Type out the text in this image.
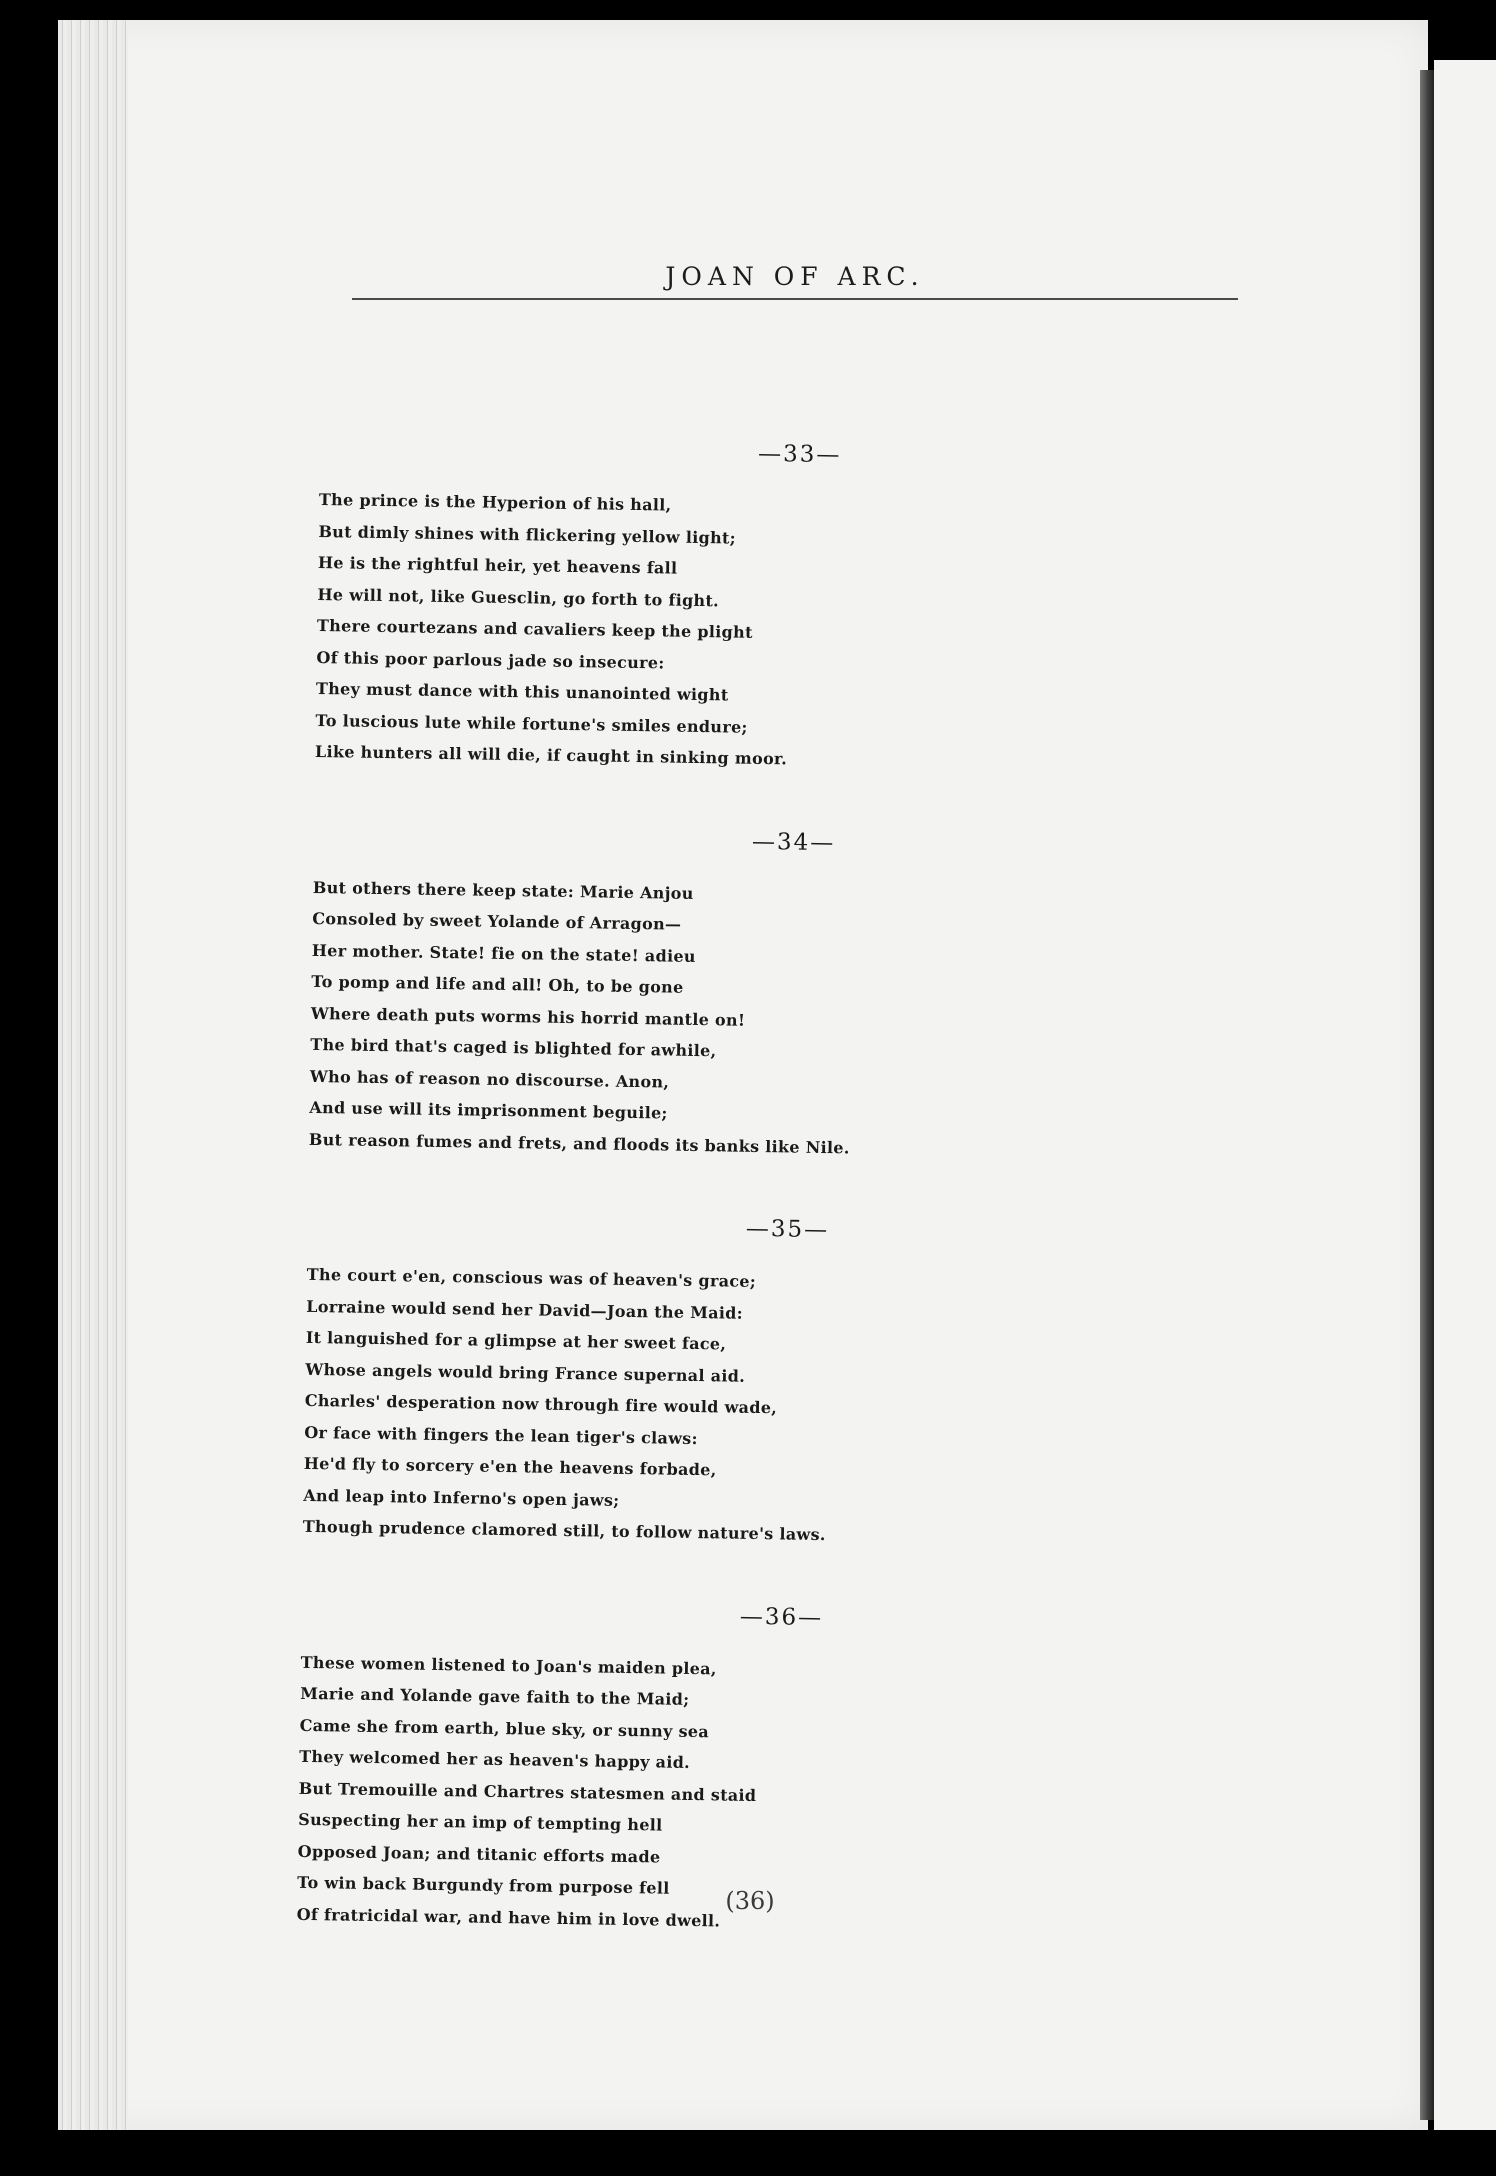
JOAN OF ARC.
—33—
The prince is the Hyperion of his hall,
But dimly shines with flickering yellow light;
He is the rightful heir, yet heavens fall
He will not, like Guesclin, go forth to fight.
There courtezans and cavaliers keep the plight
Of this poor parlous jade so insecure:
They must dance with this unanointed wight
To luscious lute while fortune's smiles endure;
Like hunters all will die, if caught in sinking moor.
—34—
But others there keep state: Marie Anjou
Consoled by sweet Yolande of Arragon—
Her mother. State! fie on the state! adieu
To pomp and life and all! Oh, to be gone
Where death puts worms his horrid mantle on!
The bird that's caged is blighted for awhile,
Who has of reason no discourse. Anon,
And use will its imprisonment beguile;
But reason fumes and frets, and floods its banks like Nile.
—35—
The court e'en, conscious was of heaven's grace;
Lorraine would send her David—Joan the Maid:
It languished for a glimpse at her sweet face,
Whose angels would bring France supernal aid.
Charles' desperation now through fire would wade,
Or face with fingers the lean tiger's claws:
He'd fly to sorcery e'en the heavens forbade,
And leap into Inferno's open jaws;
Though prudence clamored still, to follow nature's laws.
—36—
These women listened to Joan's maiden plea,
Marie and Yolande gave faith to the Maid;
Came she from earth, blue sky, or sunny sea
They welcomed her as heaven's happy aid.
But Tremouille and Chartres statesmen and staid
Suspecting her an imp of tempting hell
Opposed Joan; and titanic efforts made
To win back Burgundy from purpose fell
Of fratricidal war, and have him in love dwell.
(36)
